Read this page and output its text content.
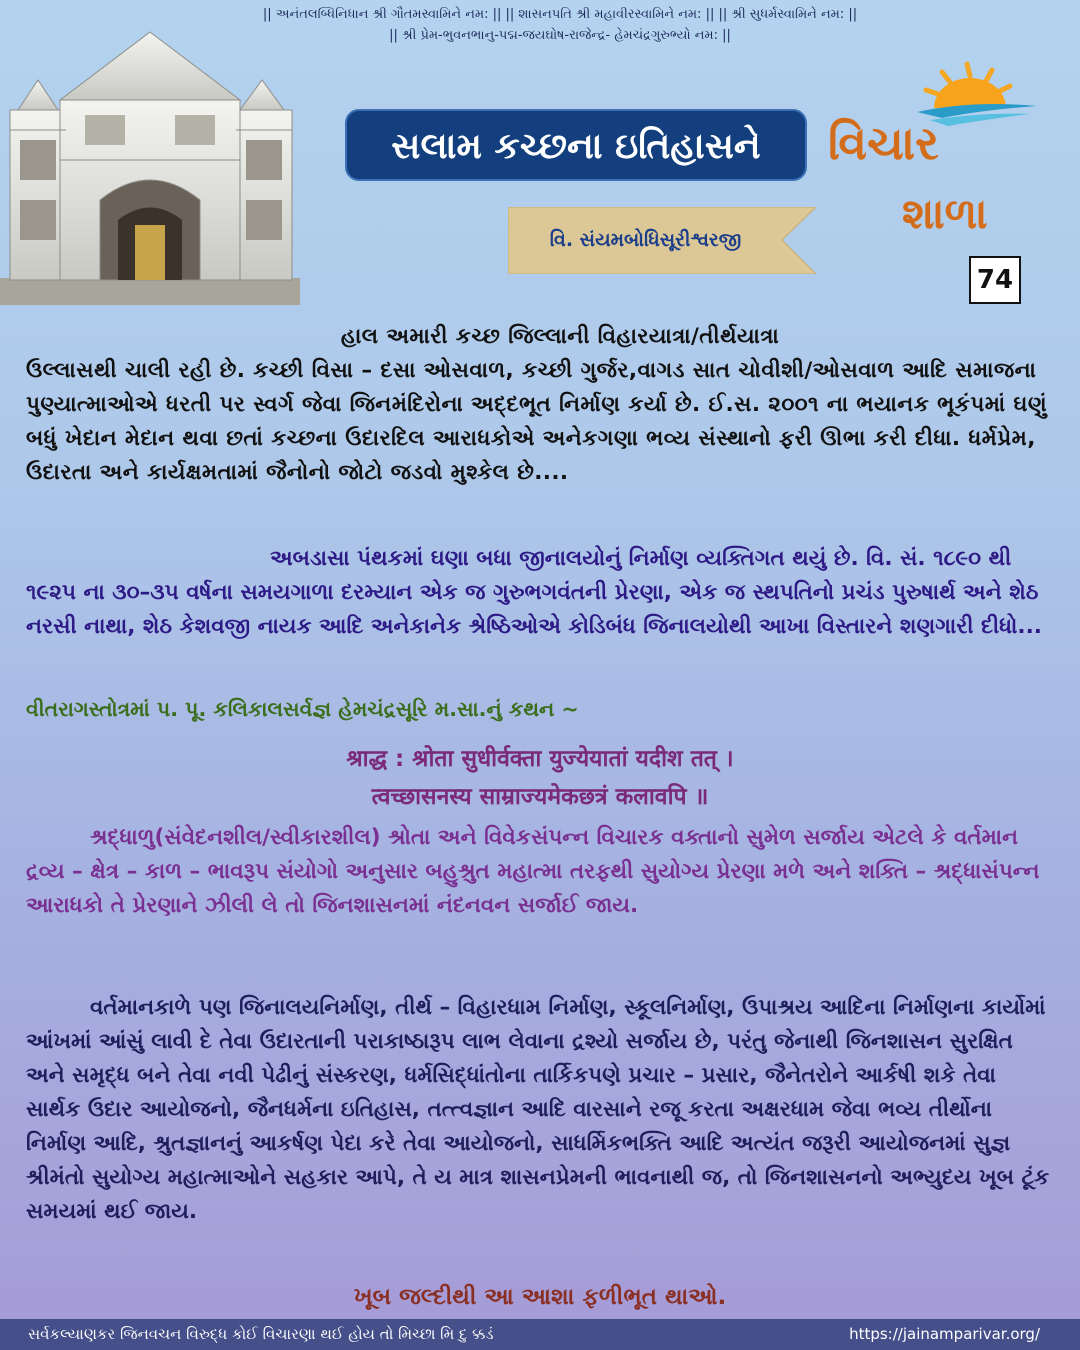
|| અનંતલબ્ધિનિધાન શ્રી ગૌતમસ્વામિને નમ: || || શાસનપતિ શ્રી મહાવીરસ્વામિને નમ: || || શ્રી સુધર્મસ્વામિને નમ: ||
|| શ્રી પ્રેમ-ભુવનભાનુ-પદ્મ-જયઘોષ-રાજેન્દ્ર- હેમચંદ્રગુરુભ્યો નમ: ||
સલામ કચ્છના ઇતિહાસને	વિચાર
શાળા
વિ. સંયમબોધિસૂરીશ્વરજી
74
હાલ અમારી કચ્છ જિલ્લાની વિહારયાત્રા/તીર્થયાત્રા
ઉલ્લાસથી ચાલી રહી છે. કચ્છી વિસા – દસા ઓસવાળ, કચ્છી ગુર્જર,વાગડ સાત ચોવીશી/ઓસવાળ આદિ સમાજના પુણ્યાત્માઓએ ધરતી પર સ્વર્ગ જેવા જિનમંદિરોના અદ્દભૂત નિર્માણ કર્યા છે. ઈ.સ. ૨૦૦૧ ના ભયાનક ભૂકંપમાં ઘણું બધું ખેદાન મેદાન થવા છતાં કચ્છના ઉદારદિલ આરાધકોએ અનેકગણા ભવ્ય સંસ્થાનો ફરી ઊભા કરી દીધા. ધર્મપ્રેમ, ઉદારતા અને કાર્યક્ષમતામાં જૈનોનો જોટો જડવો મુશ્કેલ છે....
અબડાસા પંથકમાં ઘણા બધા જીનાલયોનું નિર્માણ વ્યક્તિગત થયું છે. વિ. સં. ૧૮૯૦ થી ૧૯૨૫ ના ૩૦–૩૫ વર્ષના સમયગાળા દરમ્યાન એક જ ગુરુભગવંતની પ્રેરણા, એક જ સ્થપતિનો પ્રચંડ પુરુષાર્થ અને શેઠ નરસી નાથા, શેઠ કેશવજી નાયક આદિ અનેકાનેક શ્રેષ્ઠિઓએ કોડિબંધ જિનાલયોથી આખા વિસ્તારને શણગારી દીધો...
વીતરાગસ્તોત્રમાં પ. પૂ. કલિકાલસર્વજ્ઞ હેમચંદ્રસૂરિ મ.સા.નું કથન ~
श्राद्ध : श्रोता सुधीर्वक्ता युज्येयातां यदीश तत् ।
त्वच्छासनस्य साम्राज्यमेकछत्रं कलावपि ॥
શ્રદ્ધાળુ(સંવેદનશીલ/સ્વીકારશીલ) શ્રોતા અને વિવેકસંપન્ન વિચારક વક્તાનો સુમેળ સર્જાય એટલે કે વર્તમાન દ્રવ્ય – ક્ષેત્ર – કાળ – ભાવરૂપ સંયોગો અનુસાર બહુશ્રુત મહાત્મા તરફથી સુયોગ્ય પ્રેરણા મળે અને શક્તિ – શ્રદ્ધાસંપન્ન આરાધકો તે પ્રેરણાને ઝીલી લે તો જિનશાસનમાં નંદનવન સર્જાઈ જાય.
વર્તમાનકાળે પણ જિનાલયનિર્માણ, તીર્થ – વિહારધામ નિર્માણ, સ્કૂલનિર્માણ, ઉપાશ્રય આદિના નિર્માણના કાર્યોમાં આંખમાં આંસું લાવી દે તેવા ઉદારતાની પરાકાષ્ઠારૂપ લાભ લેવાના દ્રશ્યો સર્જાય છે, પરંતુ જેનાથી જિનશાસન સુરક્ષિત અને સમૃદ્ધ બને તેવા નવી પેઢીનું સંસ્કરણ, ધર્મસિદ્ધાંતોના તાર્કિકપણે પ્રચાર – પ્રસાર, જૈનેતરોને આર્કષી શકે તેવા સાર્થક ઉદાર આયોજનો, જૈનધર્મના ઇતિહાસ, તત્ત્વજ્ઞાન આદિ વારસાને રજૂ કરતા અક્ષરધામ જેવા ભવ્ય તીર્થોના નિર્માણ આદિ, શ્રુતજ્ઞાનનું આકર્ષણ પેદા કરે તેવા આયોજનો, સાધર્મિકભક્તિ આદિ અત્યંત જરૂરી આયોજનમાં સુજ્ઞ શ્રીમંતો સુયોગ્ય મહાત્માઓને સહકાર આપે, તે ય માત્ર શાસનપ્રેમની ભાવનાથી જ, તો જિનશાસનનો અભ્યુદય ખૂબ ટૂંક સમયમાં થઈ જાય.
ખૂબ જલ્દીથી આ આશા ફળીભૂત થાઓ.
સર્વકલ્યાણકર જિનવચન વિરુદ્ધ કોઈ વિચારણા થઈ હોય તો મિચ્છા મિ દુ ક્કડં	https://jainamparivar.org/
